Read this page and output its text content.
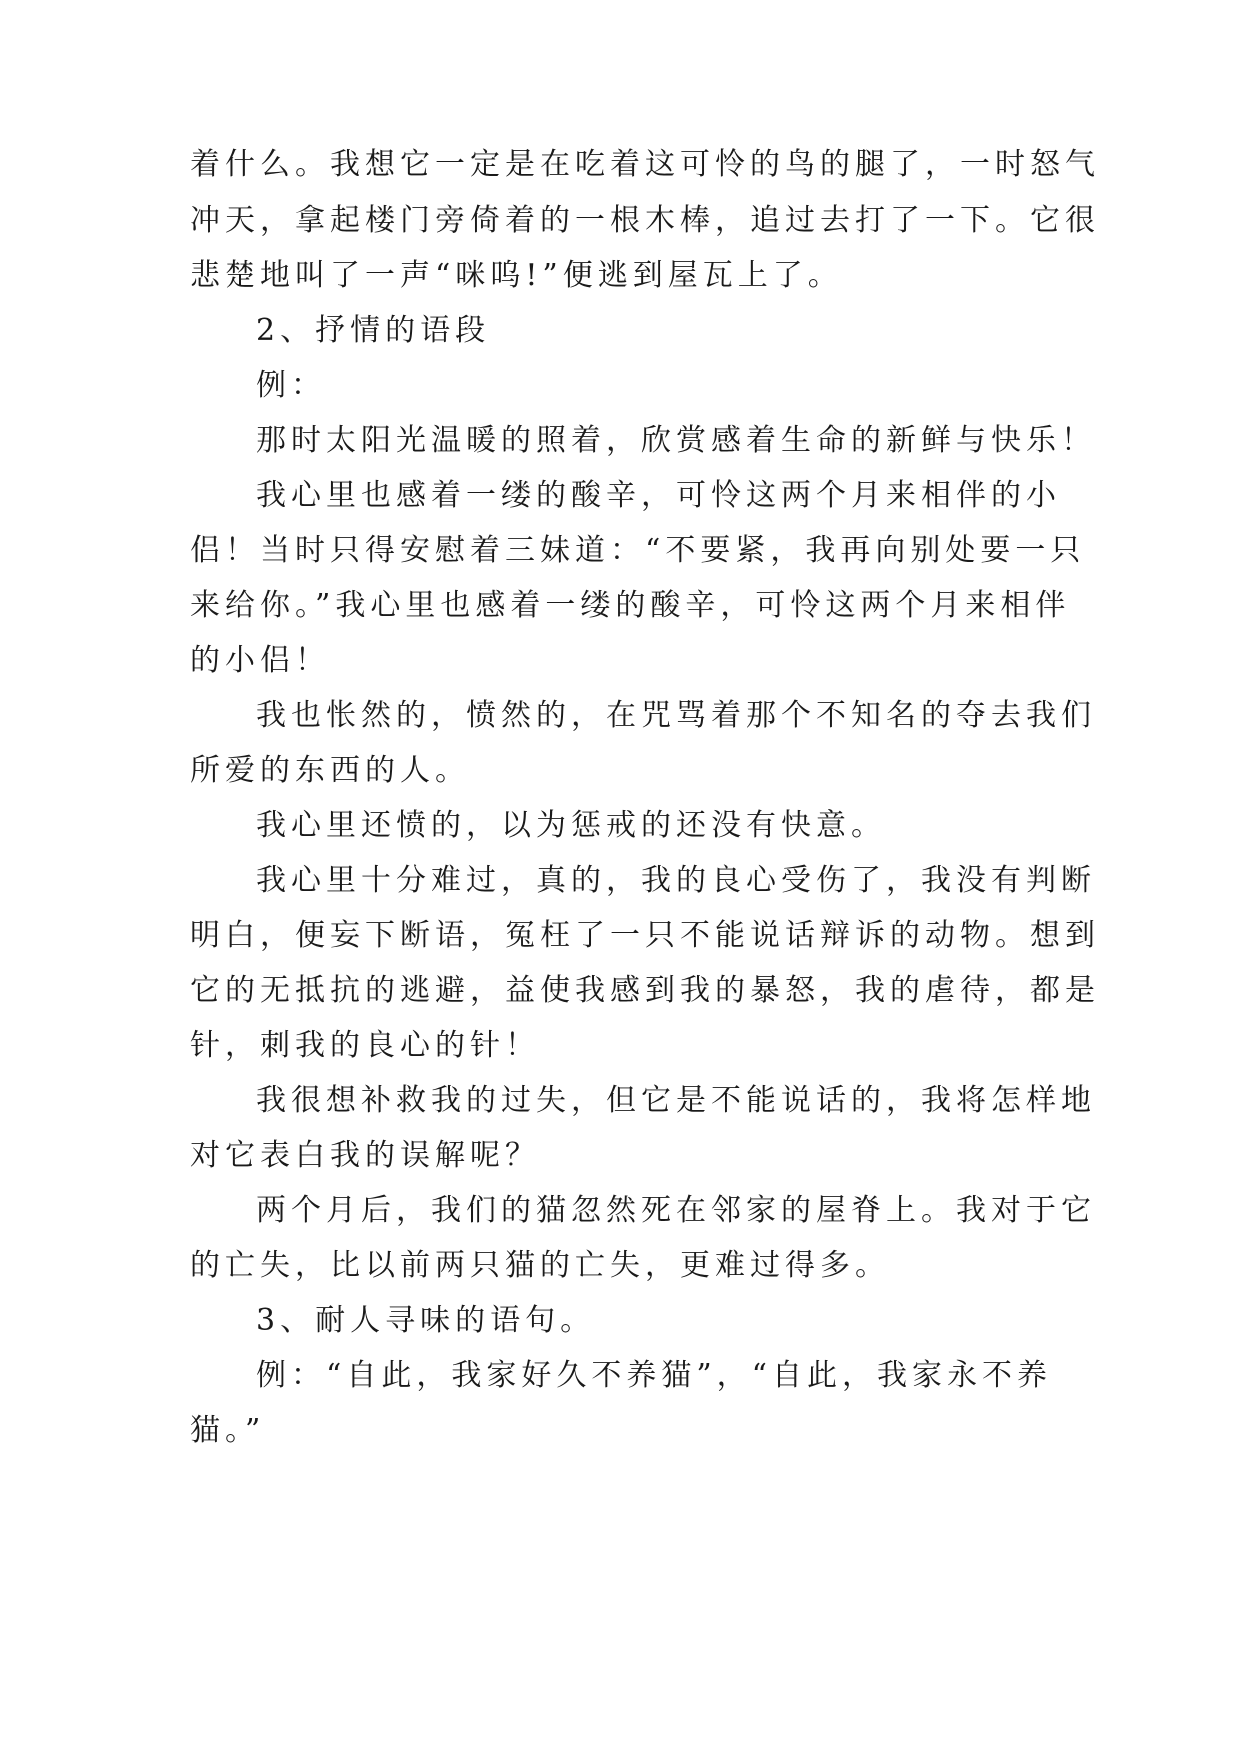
着什么。我想它一定是在吃着这可怜的鸟的腿了，一时怒气
冲天，拿起楼门旁倚着的一根木棒，追过去打了一下。它很
悲楚地叫了一声“咪呜!”便逃到屋瓦上了。
2、抒情的语段
例：
那时太阳光温暖的照着，欣赏感着生命的新鲜与快乐！
我心里也感着一缕的酸辛，可怜这两个月来相伴的小
侣！当时只得安慰着三妹道：“不要紧，我再向别处要一只
来给你。”我心里也感着一缕的酸辛，可怜这两个月来相伴
的小侣！
我也怅然的，愤然的，在咒骂着那个不知名的夺去我们
所爱的东西的人。
我心里还愤的，以为惩戒的还没有快意。
我心里十分难过，真的，我的良心受伤了，我没有判断
明白，便妄下断语，冤枉了一只不能说话辩诉的动物。想到
它的无抵抗的逃避，益使我感到我的暴怒，我的虐待，都是
针，刺我的良心的针！
我很想补救我的过失，但它是不能说话的，我将怎样地
对它表白我的误解呢？
两个月后，我们的猫忽然死在邻家的屋脊上。我对于它
的亡失，比以前两只猫的亡失，更难过得多。
3、耐人寻味的语句。
例：“自此，我家好久不养猫”，“自此，我家永不养
猫。”
